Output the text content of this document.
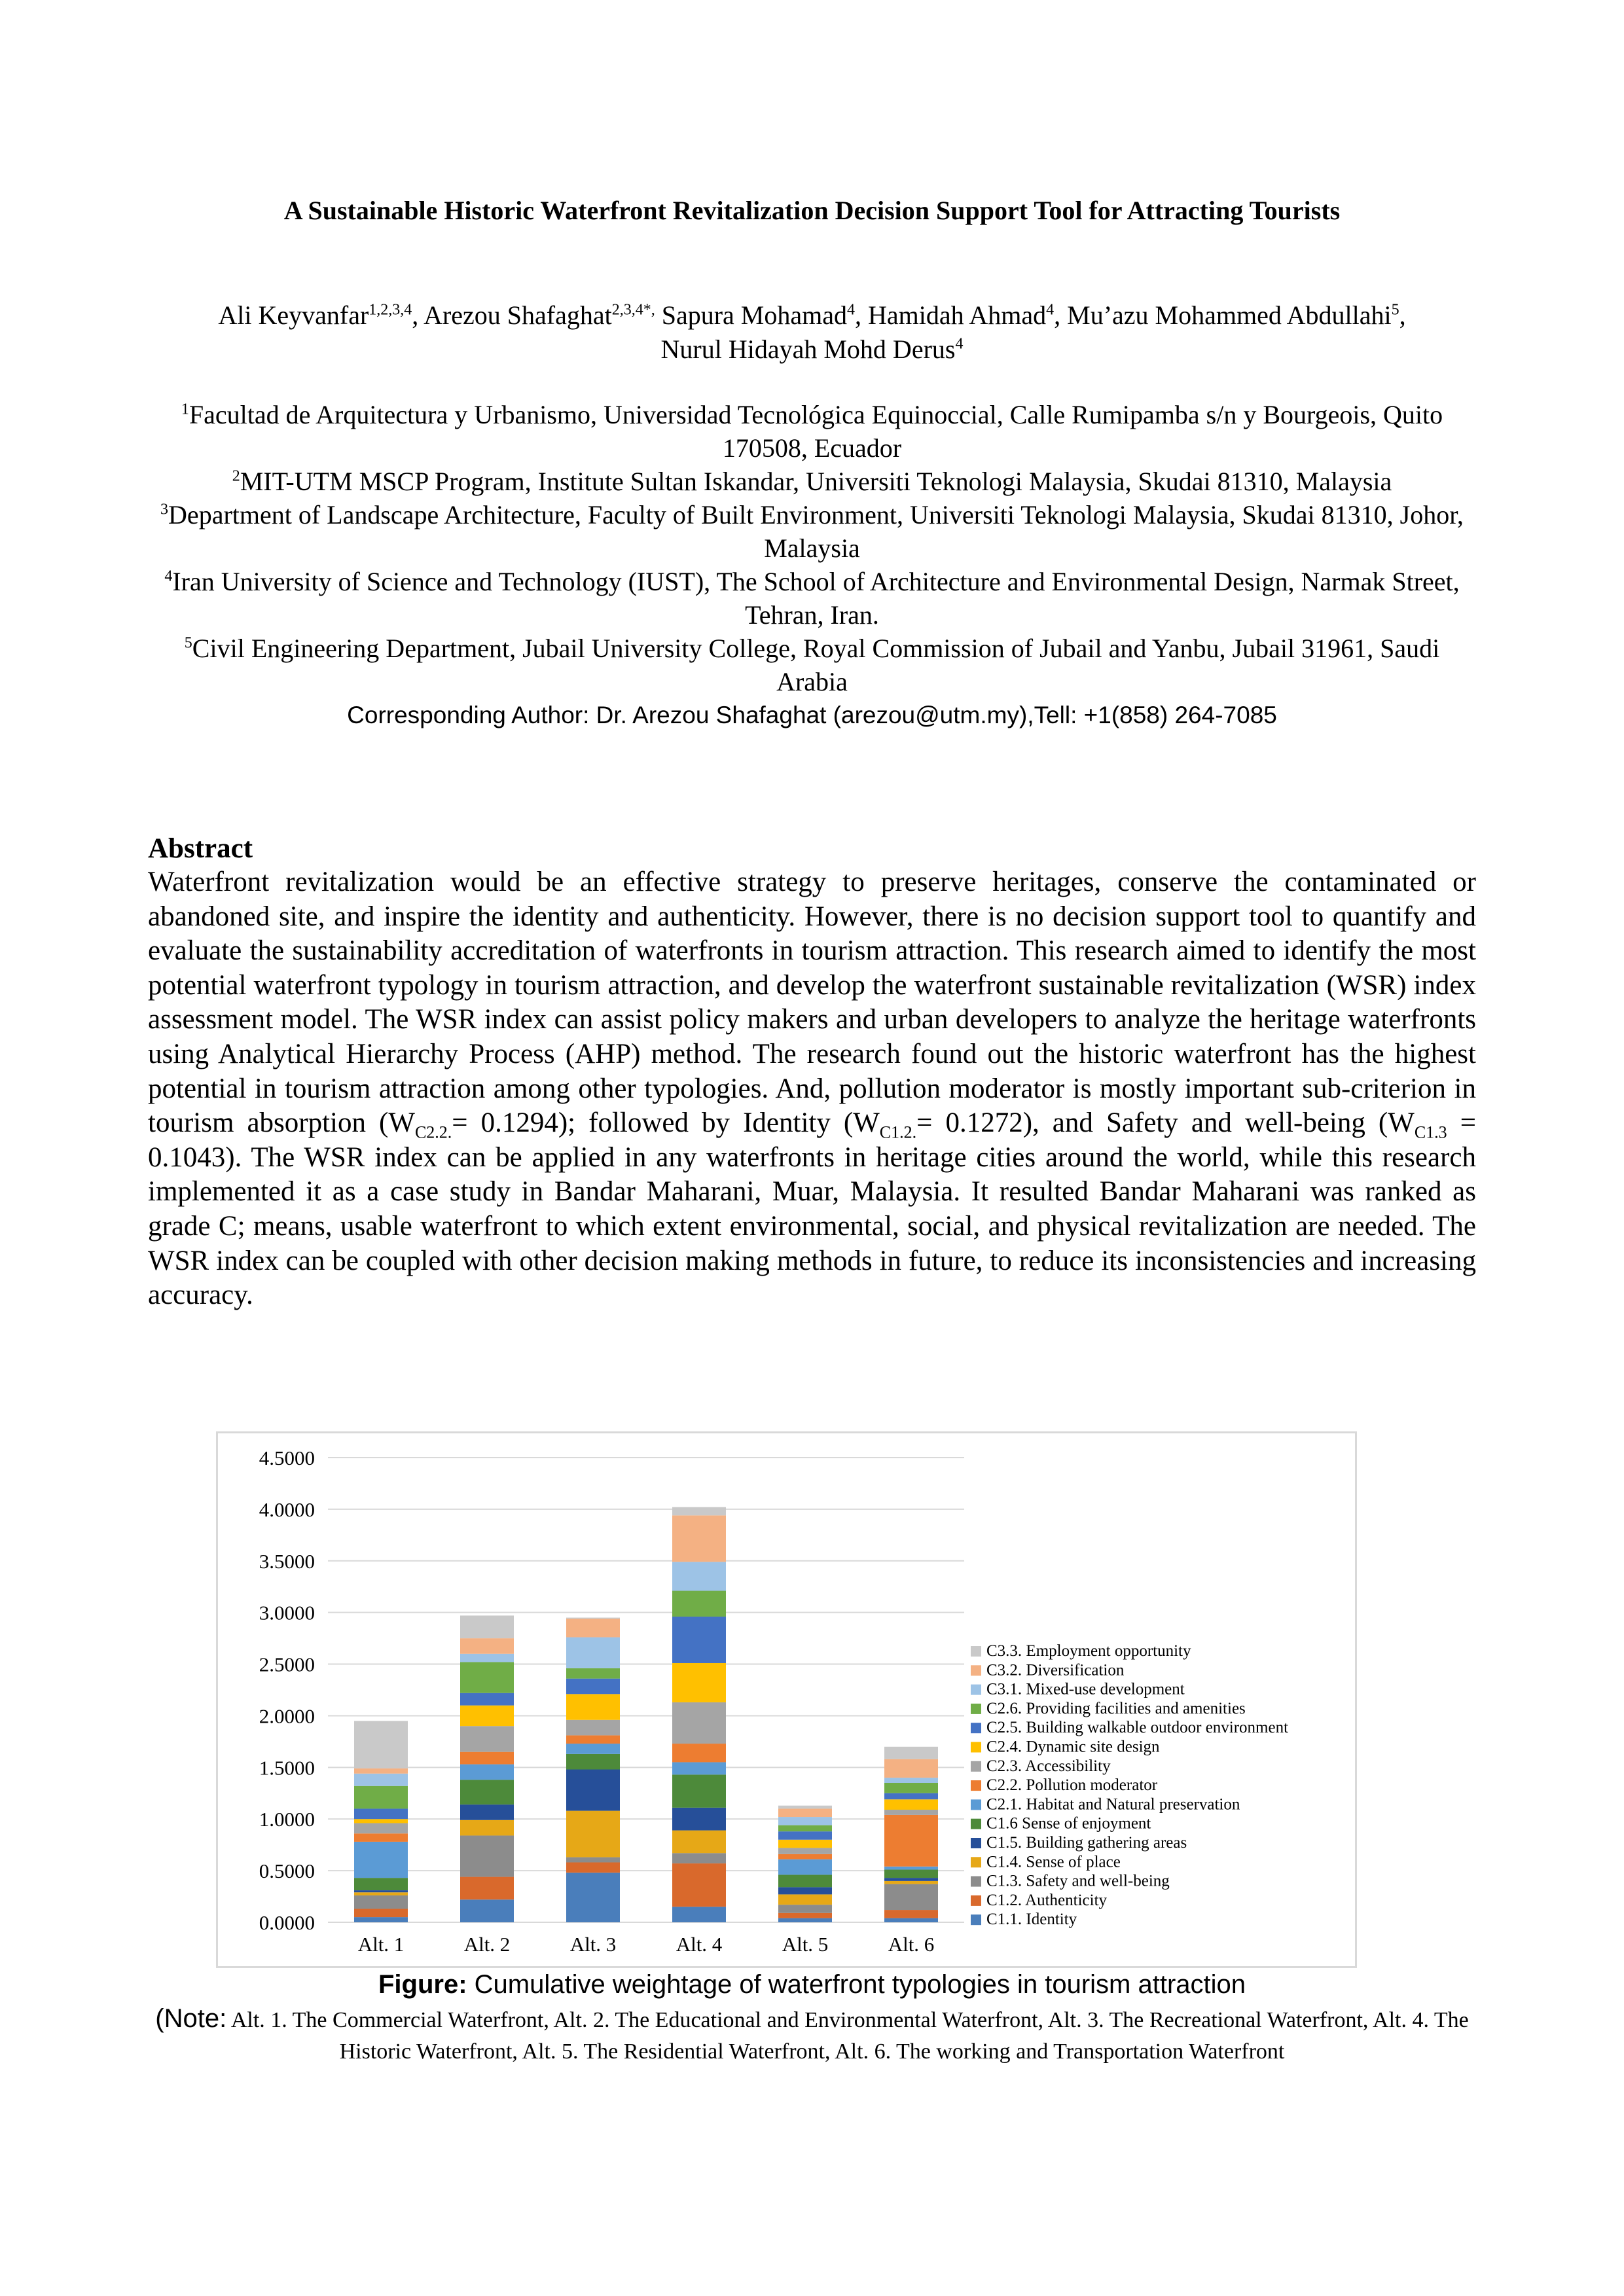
A Sustainable Historic Waterfront Revitalization Decision Support Tool for Attracting Tourists
Ali Keyvanfar$^{1,2,3,4}$, Arezou Shafaghat$^{2,3,4*,}$ Sapura Mohamad$^4$, Hamidah Ahmad$^4$, Mu’azu Mohammed Abdullahi$^5$,
Nurul Hidayah Mohd Derus$^4$

$^1$Facultad de Arquitectura y Urbanismo, Universidad Tecnológica Equinoccial, Calle Rumipamba s/n y Bourgeois, Quito 170508, Ecuador

$^2$MIT-UTM MSCP Program, Institute Sultan Iskandar, Universiti Teknologi Malaysia, Skudai 81310, Malaysia

$^3$Department of Landscape Architecture, Faculty of Built Environment, Universiti Teknologi Malaysia, Skudai 81310, Johor, Malaysia

$^4$Iran University of Science and Technology (IUST), The School of Architecture and Environmental Design, Narmak Street, Tehran, Iran.

$^5$Civil Engineering Department, Jubail University College, Royal Commission of Jubail and Yanbu, Jubail 31961, Saudi Arabia

Corresponding Author: Dr. Arezou Shafaghat (arezou@utm.my),Tell: +1(858) 264-7085

Abstract
Waterfront revitalization would be an effective strategy to preserve heritages, conserve the contaminated or abandoned site, and inspire the identity and authenticity. However, there is no decision support tool to quantify and evaluate the sustainability accreditation of waterfronts in tourism attraction. This research aimed to identify the most potential waterfront typology in tourism attraction, and develop the waterfront sustainable revitalization (WSR) index assessment model. The WSR index can assist policy makers and urban developers to analyze the heritage waterfronts using Analytical Hierarchy Process (AHP) method. The research found out the historic waterfront has the highest potential in tourism attraction among other typologies. And, pollution moderator is mostly important sub-criterion in tourism absorption $(W_{C2.2.}= 0.1294)$; followed by Identity $(W_{C1.2.}= 0.1272)$, and Safety and well-being $(W_{C1.3} = 0.1043)$. The WSR index can be applied in any waterfronts in heritage cities around the world, while this research implemented it as a case study in Bandar Maharani, Muar, Malaysia. It resulted Bandar Maharani was ranked as grade C; means, usable waterfront to which extent environmental, social, and physical revitalization are needed. The WSR index can be coupled with other decision making methods in future, to reduce its inconsistencies and increasing accuracy.
0.0000
0.5000
1.0000
1.5000
2.0000
2.5000
3.0000
3.5000
4.0000
4.5000
Alt. 1	Alt. 2	Alt. 3	Alt. 4	Alt. 5	Alt. 6
C3.3. Employment opportunity
C3.2. Diversification
C3.1. Mixed-use development
C2.6. Providing facilities and amenities
C2.5. Building walkable outdoor environment
C2.4. Dynamic site design
C2.3. Accessibility
C2.2. Pollution moderator
C2.1. Habitat and Natural preservation
C1.6 Sense of enjoyment
C1.5. Building gathering areas
C1.4. Sense of place
C1.3. Safety and well-being
C1.2. Authenticity
C1.1. Identity
Figure: Cumulative weightage of waterfront typologies in tourism attraction
(Note: Alt. 1. The Commercial Waterfront, Alt. 2. The Educational and Environmental Waterfront, Alt. 3. The Recreational Waterfront, Alt. 4. The Historic Waterfront, Alt. 5. The Residential Waterfront, Alt. 6. The working and Transportation Waterfront
